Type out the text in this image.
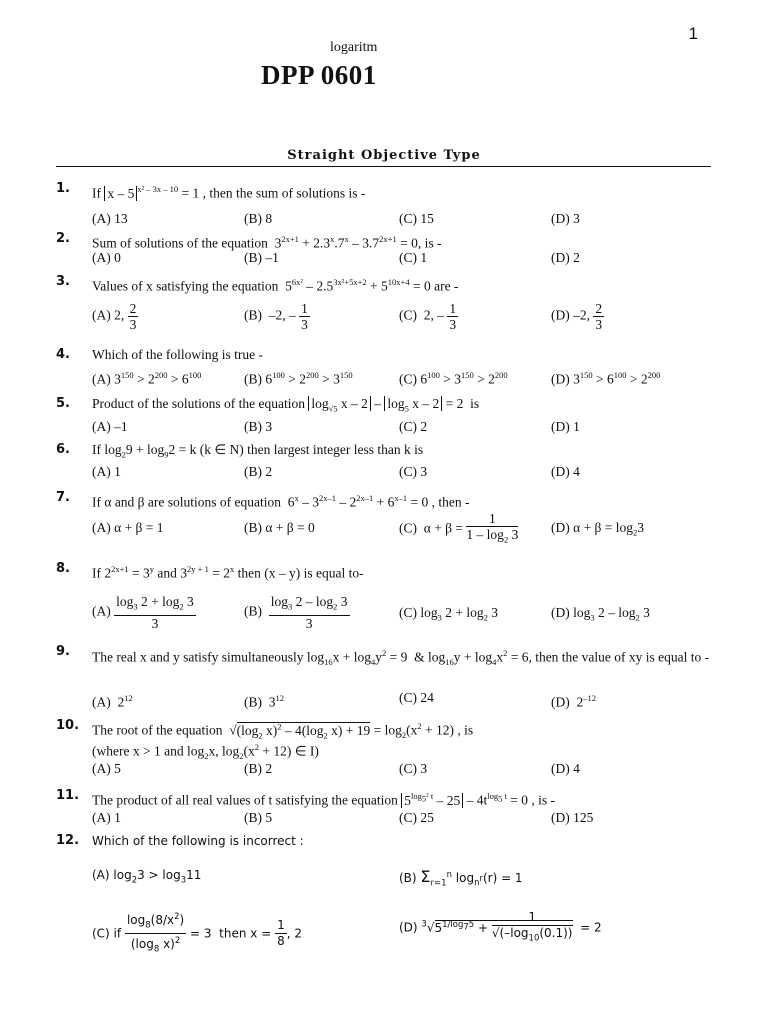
1
logaritm
DPP 0601
Straight Objective Type
1. If x – 5 $^{x^2 - 3x - 10}$ = 1 , then the sum of solutions is -
(A) 13	(B) 8	(C) 15	(D) 3
2. Sum of solutions of the equation  $3^{2x+1} + 2.3^x.7^x - 3.7^{2x+1} = 0$, is -
(A) 0	(B) –1	(C) 1	(D) 2
3. Values of x satisfying the equation  $5^{6x^2} - 2.5^{3x^2+5x+2} + 5^{10x+4} = 0$ are -
(A) 2, $\frac{2}{3}$	(B)  –2, – $\frac{1}{3}$	(C)  2, – $\frac{1}{3}$	(D) –2, $\frac{2}{3}$
4. Which of the following is true -
(A) $3^{150} > 2^{200} > 6^{100}$	(B) $6^{100} > 2^{200} > 3^{150}$	(C) $6^{100} > 3^{150} > 2^{200}$	(D) $3^{150} > 6^{100} > 2^{200}$
5. Product of the solutions of the equation $\log_{√5} x - 2 - \log_5 x - 2 = 2$  is
(A) –1	(B) 3	(C) 2	(D) 1
6. If $\log_29 + \log_92 = k$ (k ∈ N) then largest integer less than k is
(A) 1	(B) 2	(C) 3	(D) 4
7. If α and β are solutions of equation  $6^x - 3^{2x-1} - 2^{2x-1} + 6^{x-1} = 0$ , then -
(A) α + β = 1	(B) α + β = 0	(C)  $\alpha + \beta = \frac{1}{1 - \log_2 3} (D) \alpha + \beta = \log_23$
8. If $2^{2x+1} = 3^y$ and $3^{2y + 1} = 2^x$ then (x – y) is equal to-
$(A) \frac{\log_3 2 + \log_2 3}{3}$	$(B) \frac{\log_3 2 - \log_2 3}{3}$	(C) $\log_3 2 + \log_2 3$	(D) $\log_3 2 - \log_2 3$
9. The real x and y satisfy simultaneously $\log_{16}x + \log_4y^2 = 9$  & $\log_{16}y + \log_4x^2 = 6$, then the value of xy is equal to -
(A)  $2^{12}$	(B)  $3^{12}$	(C) 24	(D)  $2^{-12}$
10. The root of the equation  $√(\log_2$ $x)^2 - 4(\log_2$ $x) + 19 = \log_2(x^2 + 12)$ , is
(where x > 1 and $\log_2x$, $\log_2(x^2 + 12)$ ∈ I)
(A) 5	(B) 2	(C) 3	(D) 4
11. The product of all real values of t satisfying the equation $5^{log_5^2 t} - 25 - 4t^{log_5 t} = 0$ , is -
(A) 1	(B) 5	(C) 25	(D) 125
12. Which of the following is incorrect :
(A) $\log_23 > \log_311$	(B) $\Sigma_{r=1}^n$ $\log_{n^r}(r) = 1$
(C) if $\frac{\log_8(8/x^2)}{(\log_8 x)^2} = 3$  then $x = \frac{1}{8}$ , 2	(D) $^3√5^{1/log_75} + \frac{1}{√(-\log_{10}(0.1))} = 2$
